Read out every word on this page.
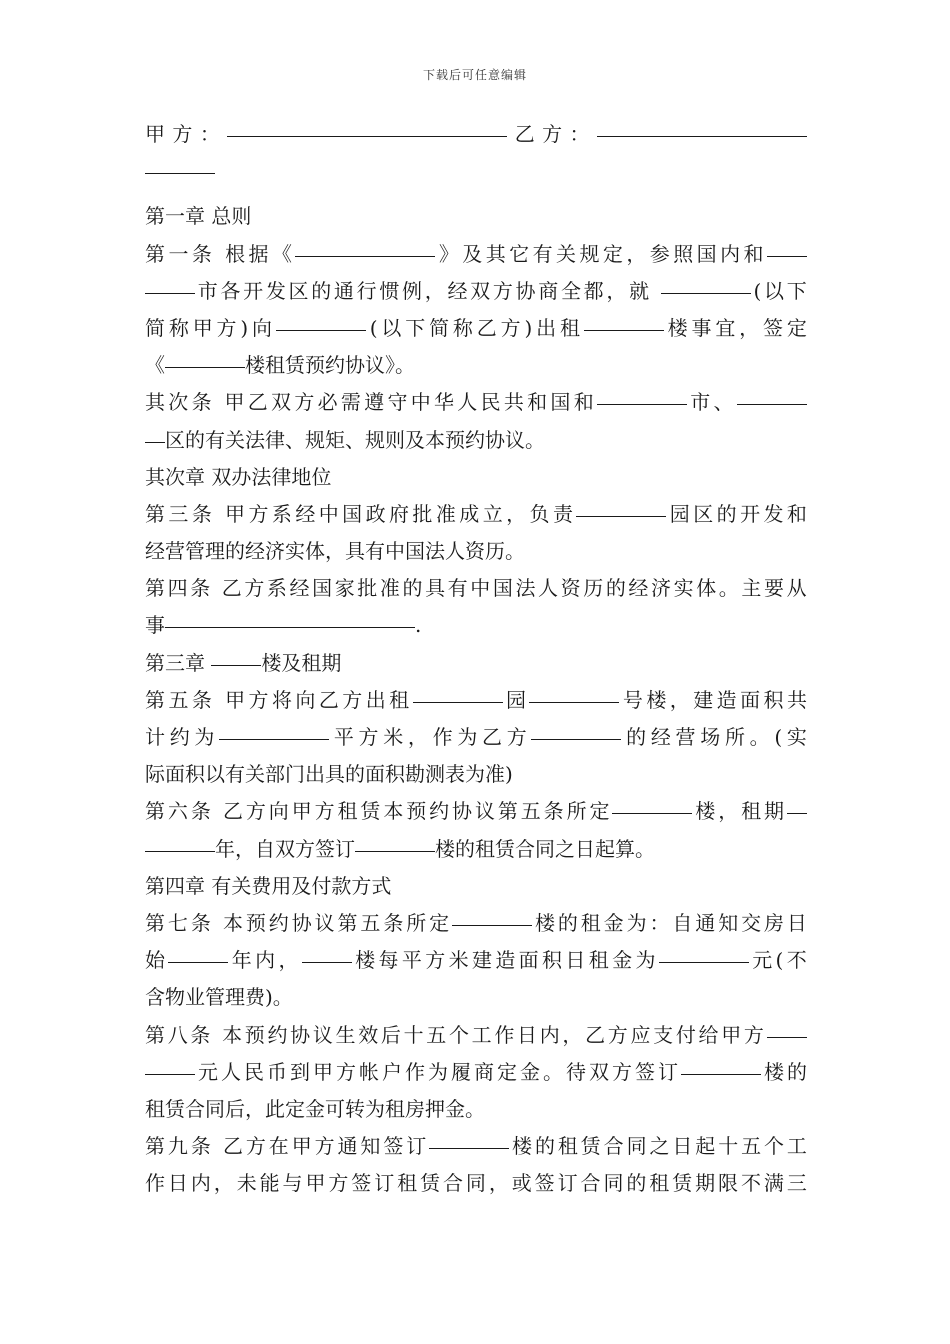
下载后可任意编辑
甲 方 ：	乙 方 ：
第一章 总则
第 一 条
根 据 《	》 及 其 它 有 关 规 定 ， 参 照 国 内 和
市 各 开 发 区 的 通 行 惯 例 ， 经 双 方 协 商 全 都 ， 就
	( 以 下
简 称 甲 方 ) 向	( 以 下 简 称 乙 方 ) 出 租	楼 事 宜 ， 签 定
《	楼租赁预约协议》。
其 次 条
甲 乙 双 方 必 需 遵 守 中 华 人 民 共 和 国 和	市 、
区的有关法律、规矩、规则及本预约协议。
其次章 双办法律地位
第 三 条
甲 方 系 经 中 国 政 府 批 准 成 立 ， 负 责	园 区 的 开 发 和
经营管理的经济实体，具有中国法人资历。
第 四 条
乙 方 系 经 国 家 批 准 的 具 有 中 国 法 人 资 历 的 经 济 实 体 。 主 要 从
事	.
第三章	楼及租期
第 五 条
甲 方 将 向 乙 方 出 租	园	号 楼 ， 建 造 面 积 共
计 约 为	平 方 米 ， 作 为 乙 方	的 经 营 场 所 。 ( 实
际面积以有关部门出具的面积勘测表为准)
第 六 条
乙 方 向 甲 方 租 赁 本 预 约 协 议 第 五 条 所 定	楼 ， 租 期
年，自双方签订	楼的租赁合同之日起算。
第四章 有关费用及付款方式
第 七 条
本 预 约 协 议 第 五 条 所 定	楼 的 租 金 为 ： 自 通 知 交 房 日
始	年 内 ，	楼 每 平 方 米 建 造 面 积 日 租 金 为	元 ( 不
含物业管理费)。
第 八 条
本 预 约 协 议 生 效 后 十 五 个 工 作 日 内 ， 乙 方 应 支 付 给 甲 方
元 人 民 币 到 甲 方 帐 户 作 为 履 商 定 金 。 待 双 方 签 订	楼 的
租赁合同后，此定金可转为租房押金。
第 九 条
乙 方 在 甲 方 通 知 签 订	楼 的 租 赁 合 同 之 日 起 十 五 个 工
作 日 内 ， 未 能 与 甲 方 签 订 租 赁 合 同 ， 或 签 订 合 同 的 租 赁 期 限 不 满 三
